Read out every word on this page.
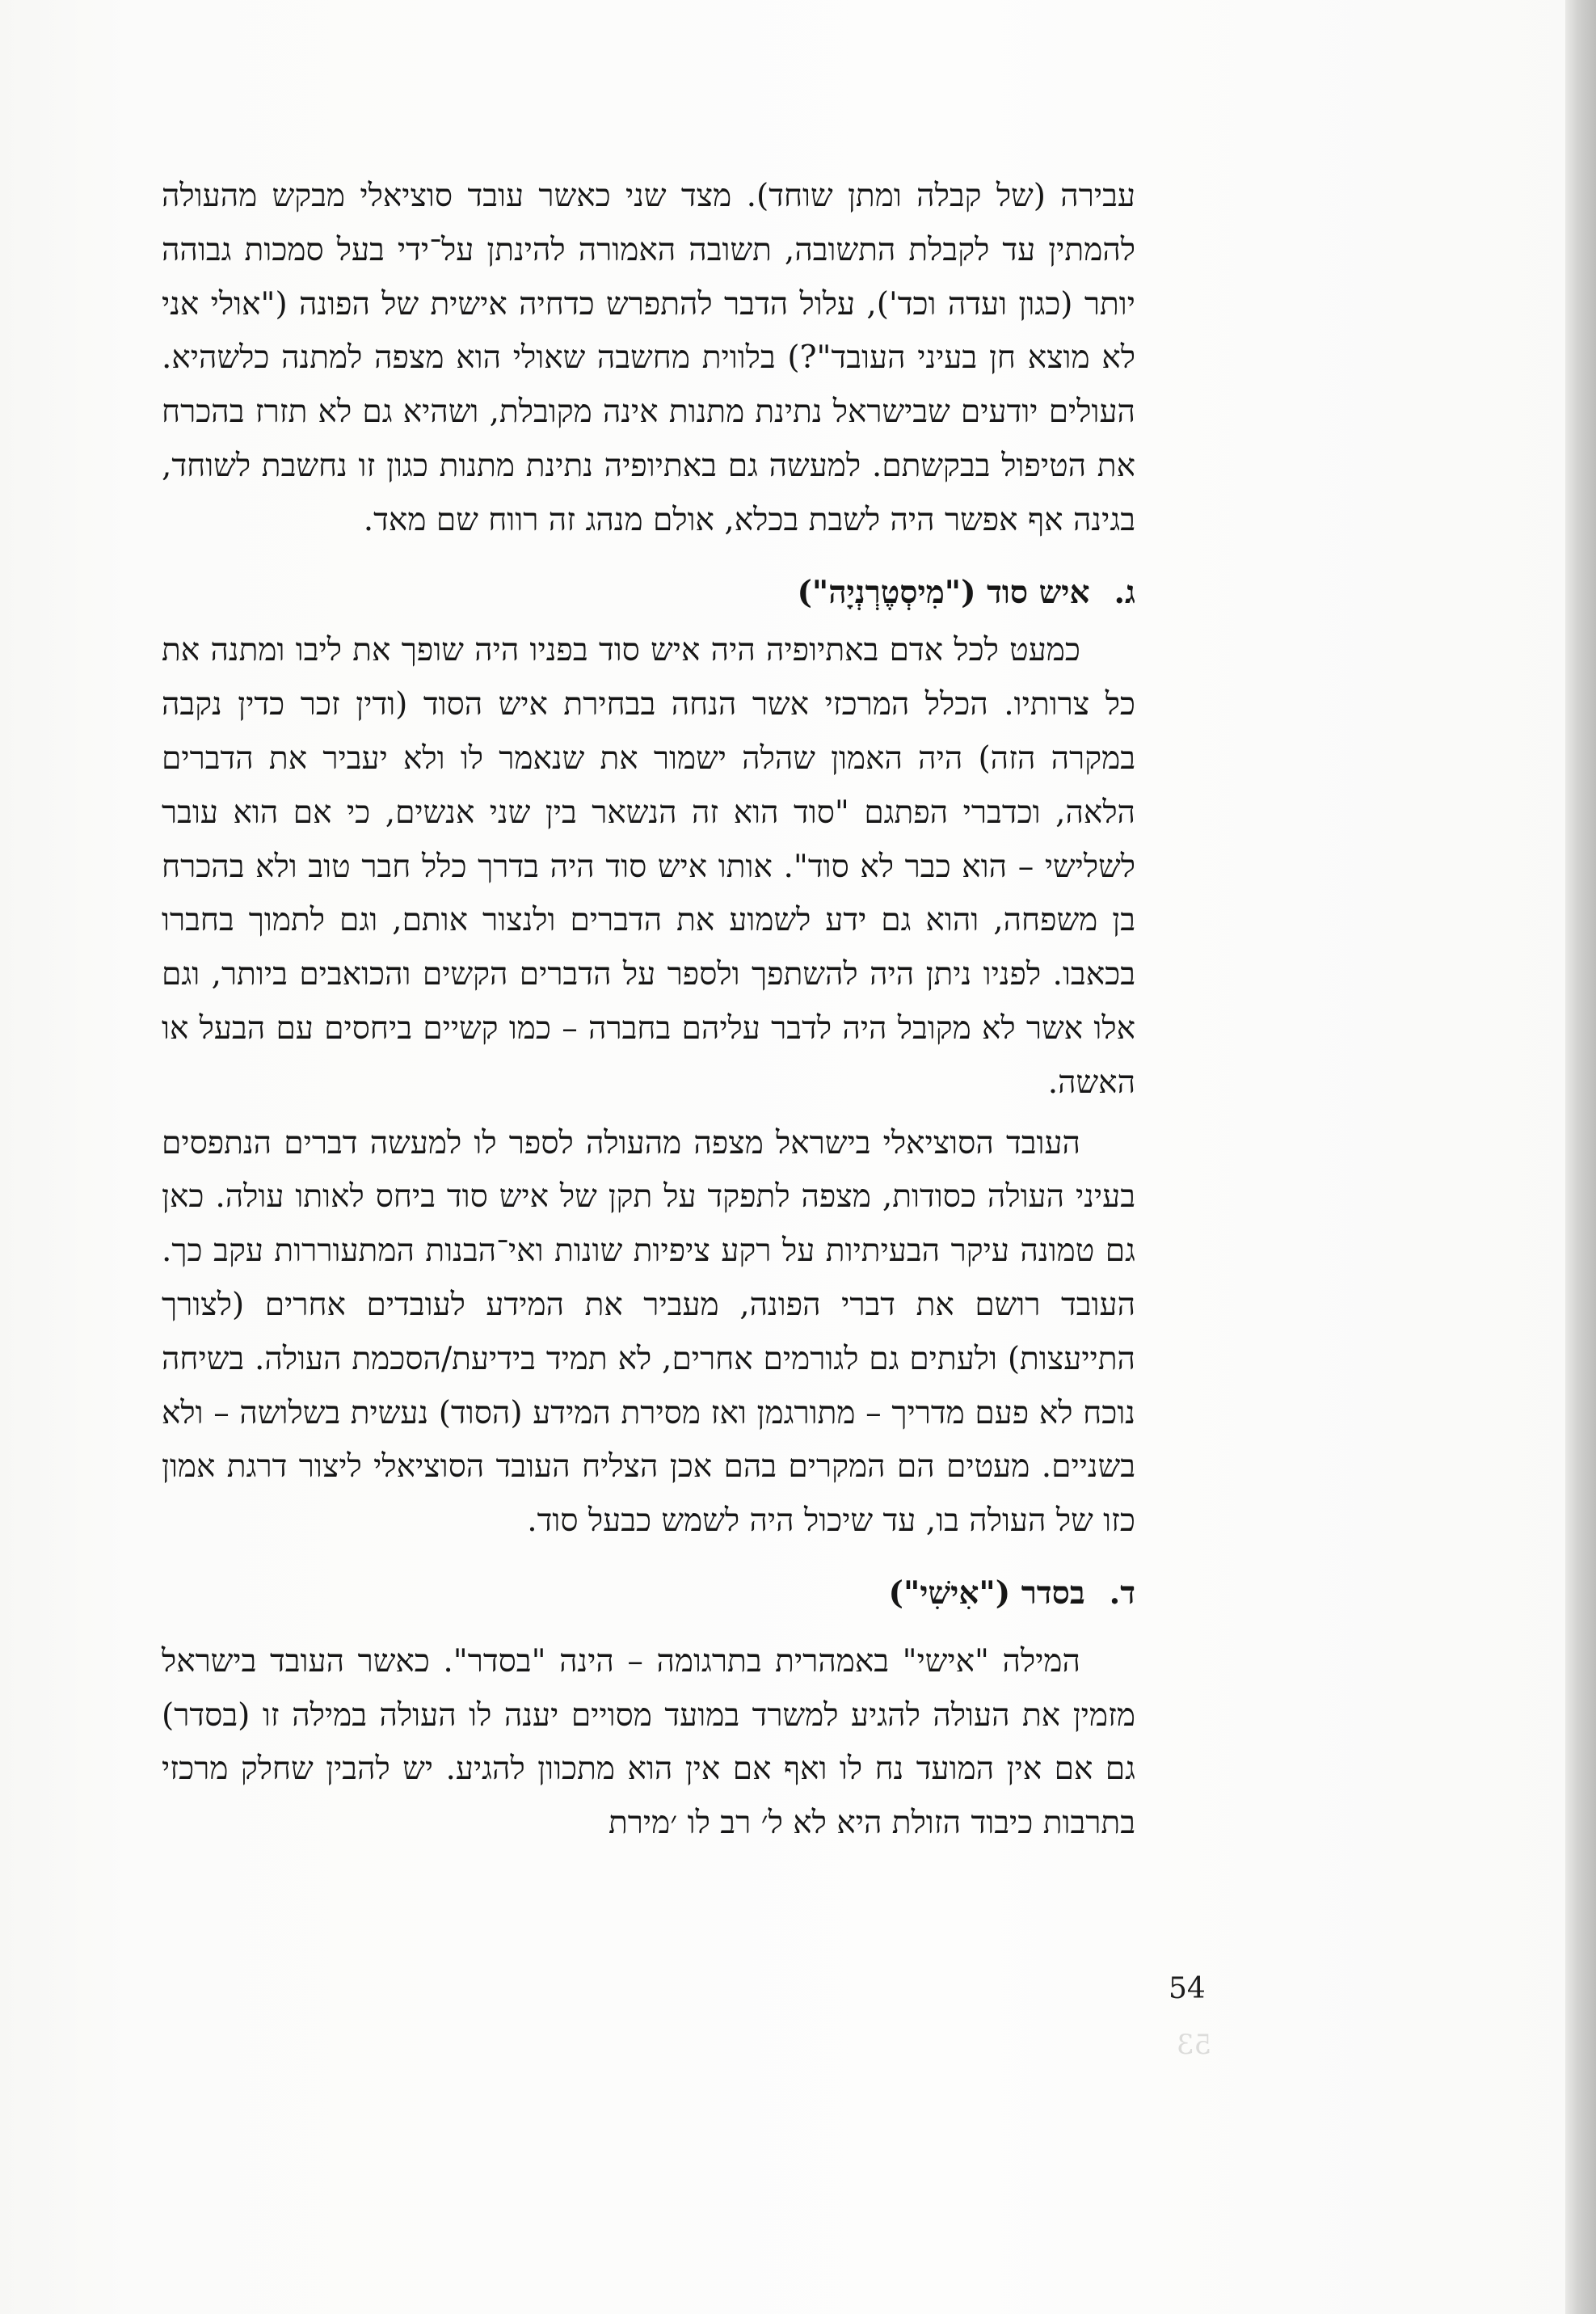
עבירה (של קבלה ומתן שוחד). מצד שני כאשר עובד סוציאלי מבקש מהעולה להמתין עד לקבלת התשובה, תשובה האמורה להינתן על־ידי בעל סמכות גבוהה יותר (כגון ועדה וכד'), עלול הדבר להתפרש כדחיה אישית של הפונה ("אולי אני לא מוצא חן בעיני העובד"?) בלווית מחשבה שאולי הוא מצפה למתנה כלשהיא. העולים יודעים שבישראל נתינת מתנות אינה מקובלת, ושהיא גם לא תזרז בהכרח את הטיפול בבקשתם. למעשה גם באתיופיה נתינת מתנות כגון זו נחשבת לשוחד, בגינה אף אפשר היה לשבת בכלא, אולם מנהג זה רווח שם מאד.

ג.איש סוד ("מִיסְטֶרְנְיָה")

כמעט לכל אדם באתיופיה היה איש סוד בפניו היה שופך את ליבו ומתנה את כל צרותיו. הכלל המרכזי אשר הנחה בבחירת איש הסוד (ודין זכר כדין נקבה במקרה הזה) היה האמון שהלה ישמור את שנאמר לו ולא יעביר את הדברים הלאה, וכדברי הפתגם "סוד הוא זה הנשאר בין שני אנשים, כי אם הוא עובר לשלישי – הוא כבר לא סוד". אותו איש סוד היה בדרך כלל חבר טוב ולא בהכרח בן משפחה, והוא גם ידע לשמוע את הדברים ולנצור אותם, וגם לתמוך בחברו בכאבו. לפניו ניתן היה להשתפך ולספר על הדברים הקשים והכואבים ביותר, וגם אלו אשר לא מקובל היה לדבר עליהם בחברה – כמו קשיים ביחסים עם הבעל או האשה.

העובד הסוציאלי בישראל מצפה מהעולה לספר לו למעשה דברים הנתפסים בעיני העולה כסודות, מצפה לתפקד על תקן של איש סוד ביחס לאותו עולה. כאן גם טמונה עיקר הבעיתיות על רקע ציפיות שונות ואי־הבנות המתעוררות עקב כך. העובד רושם את דברי הפונה, מעביר את המידע לעובדים אחרים (לצורך התייעצות) ולעתים גם לגורמים אחרים, לא תמיד בידיעת/הסכמת העולה. בשיחה נוכח לא פעם מדריך – מתורגמן ואז מסירת המידע (הסוד) נעשית בשלושה – ולא בשניים. מעטים הם המקרים בהם אכן הצליח העובד הסוציאלי ליצור דרגת אמון כזו של העולה בו, עד שיכול היה לשמש כבעל סוד.

ד.בסדר ("אִישִׁי")

המילה "אישי" באמהרית בתרגומה – הינה "בסדר". כאשר העובד בישראל מזמין את העולה להגיע למשרד במועד מסויים יענה לו העולה במילה זו (בסדר) גם אם אין המועד נח לו ואף אם אין הוא מתכוון להגיע. יש להבין שחלק מרכזי בתרבות כיבוד הזולת היא לא ל׳ רב לו ׳מירת

54
53
